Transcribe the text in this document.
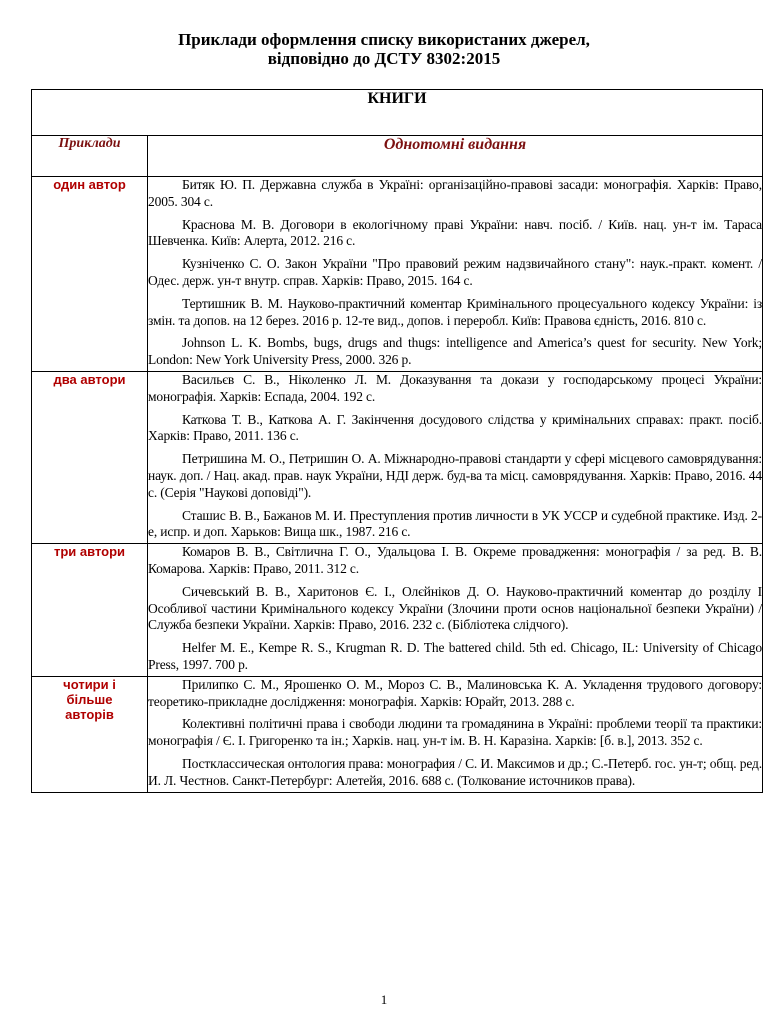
Приклади оформлення списку використаних джерел,
відповідно до ДСТУ 8302:2015
КНИГИ	
Приклади	Однотомні видання
один автор	Битяк Ю. П. Державна служба в Україні: організаційно-правові засади: монографія. Харків: Право, 2005. 304 с.

Краснова М. В. Договори в екологічному праві України: навч. посіб. / Київ. нац. ун-т ім. Тараса Шевченка. Київ: Алерта, 2012. 216 с.

Кузніченко С. О. Закон України "Про правовий режим надзвичайного стану": наук.-практ. комент. / Одес. держ. ун-т внутр. справ. Харків: Право, 2015. 164 с.

Тертишник В. М. Науково-практичний коментар Кримінального процесуального кодексу України: із змін. та допов. на 12 берез. 2016 р. 12-те вид., допов. і переробл. Київ: Правова єдність, 2016. 810 с.

Johnson L. K. Bombs, bugs, drugs and thugs: intelligence and America’s quest for security. New York; London: New York University Press, 2000. 326 p.

два автори	Васильєв С. В., Ніколенко Л. М. Доказування та докази у господарському процесі України: монографія. Харків: Еспада, 2004. 192 с.

Каткова Т. В., Каткова А. Г. Закінчення досудового слідства у кримінальних справах: практ. посіб. Харків: Право, 2011. 136 с.

Петришина М. О., Петришин О. А. Міжнародно-правові стандарти у сфері місцевого самоврядування: наук. доп. / Нац. акад. прав. наук України, НДІ держ. буд-ва та місц. самоврядування. Харків: Право, 2016. 44 с. (Серія "Наукові доповіді").

Сташис В. В., Бажанов М. И. Преступления против личности в УК УССР и судебной практике. Изд. 2-е, испр. и доп. Харьков: Вища шк., 1987. 216 с.

три автори	Комаров В. В., Світлична Г. О., Удальцова І. В. Окреме провадження: монографія / за ред. В. В. Комарова. Харків: Право, 2011. 312 с.

Сичевський В. В., Харитонов Є. І., Олєйніков Д. О. Науково-практичний коментар до розділу І Особливої частини Кримінального кодексу України (Злочини проти основ національної безпеки України) / Служба безпеки України. Харків: Право, 2016. 232 с. (Бібліотека слідчого).

Helfer M. E., Kempe R. S., Krugman R. D. The battered child. 5th ed. Chicago, IL: University of Chicago Press, 1997. 700 p.

чотири і більше авторів	Прилипко С. М., Ярошенко О. М., Мороз С. В., Малиновська К. А. Укладення трудового договору: теоретико-прикладне дослідження: монографія. Харків: Юрайт, 2013. 288 с.

Колективні політичні права і свободи людини та громадянина в Україні: проблеми теорії та практики: монографія / Є. І. Григоренко та ін.; Харків. нац. ун-т ім. В. Н. Каразіна. Харків: [б. в.], 2013. 352 с.

Постклассическая онтология права: монография / С. И. Максимов и др.; С.-Петерб. гос. ун-т; общ. ред. И. Л. Честнов. Санкт-Петербург: Алетейя, 2016. 688 с. (Толкование источников права).

1
